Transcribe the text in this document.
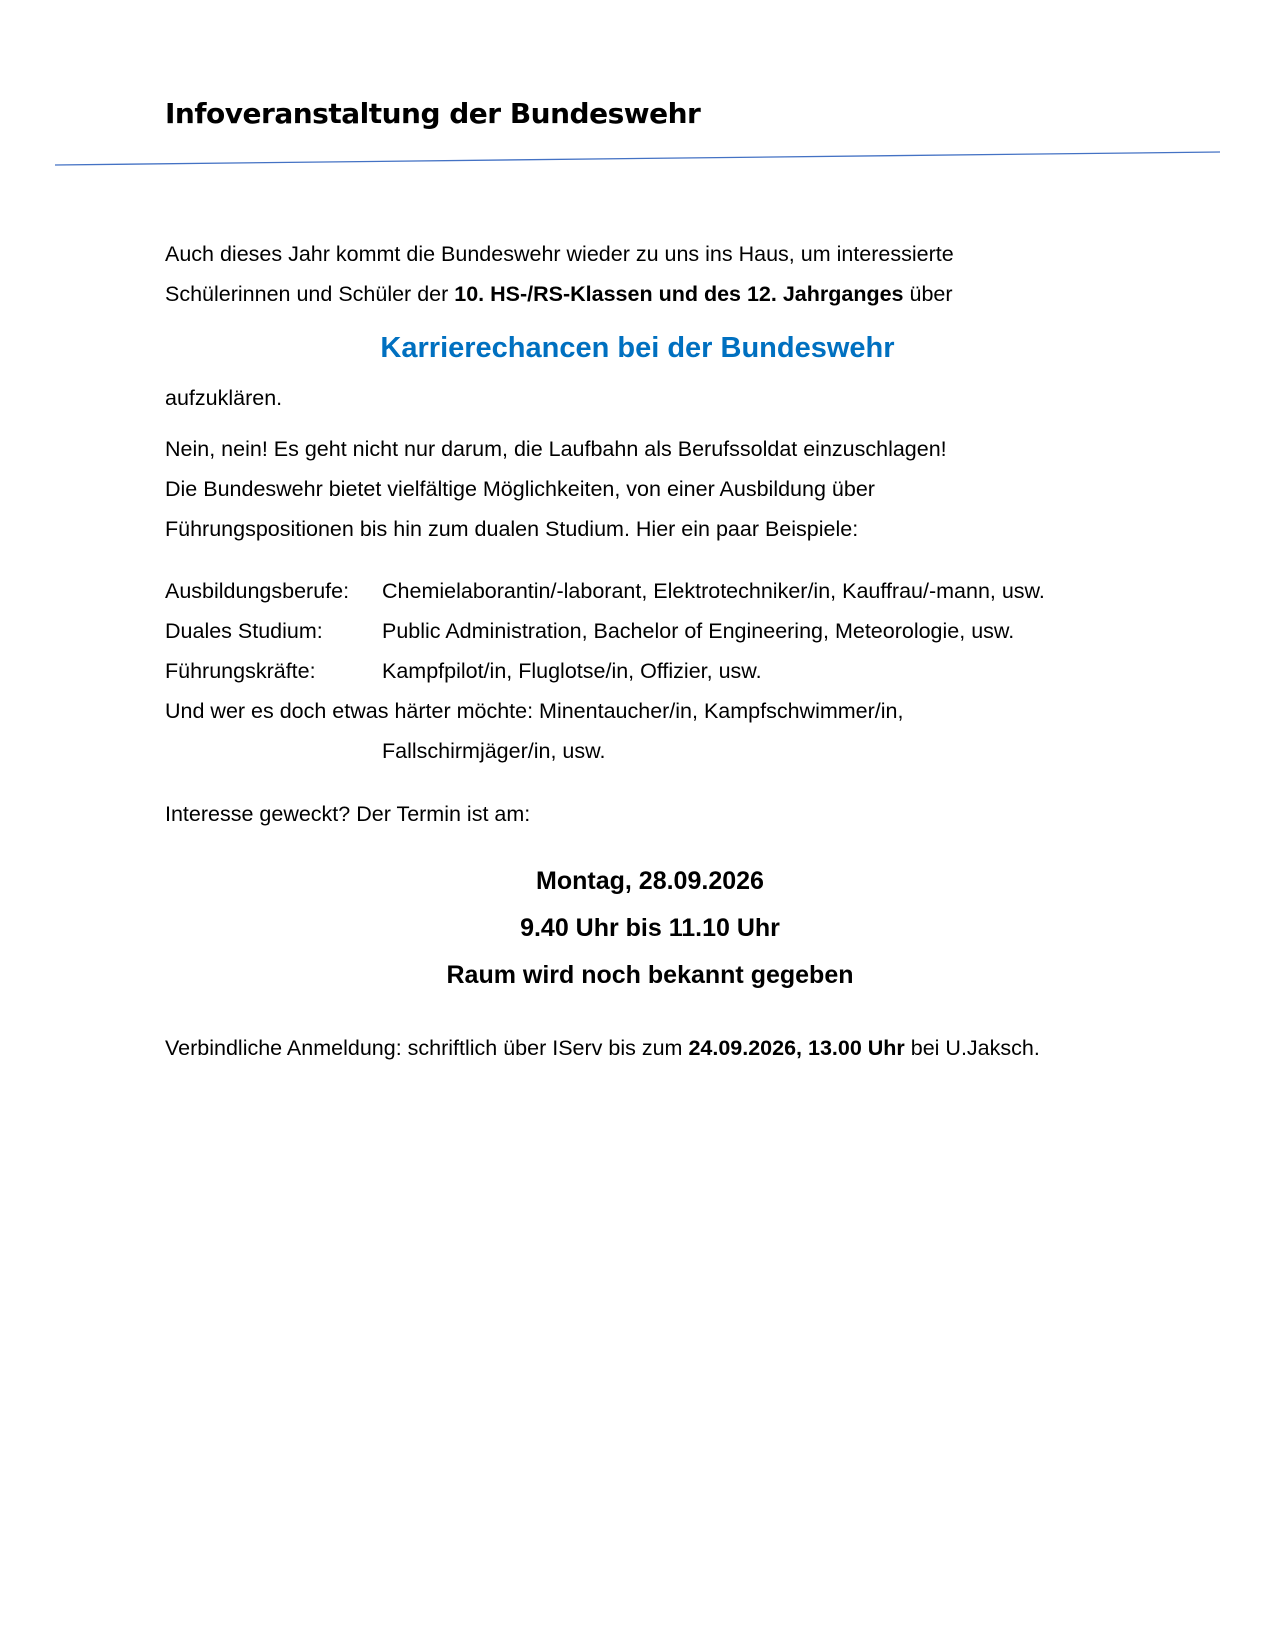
Infoveranstaltung der Bundeswehr

Auch dieses Jahr kommt die Bundeswehr wieder zu uns ins Haus, um interessierte

Schülerinnen und Schüler der 10. HS-/RS-Klassen und des 12. Jahrganges über

Karrierechancen bei der Bundeswehr

aufzuklären.

Nein, nein! Es geht nicht nur darum, die Laufbahn als Berufssoldat einzuschlagen!

Die Bundeswehr bietet vielfältige Möglichkeiten, von einer Ausbildung über

Führungspositionen bis hin zum dualen Studium. Hier ein paar Beispiele:

Ausbildungsberufe: Chemielaborantin/-laborant, Elektrotechniker/in, Kauffrau/-mann, usw.
Duales Studium:	Public Administration, Bachelor of Engineering, Meteorologie, usw.
Führungskräfte:	Kampfpilot/in, Fluglotse/in, Offizier, usw.

Und wer es doch etwas härter möchte: Minentaucher/in, Kampfschwimmer/in,

Fallschirmjäger/in, usw.

Interesse geweckt? Der Termin ist am:

Montag, 28.09.2026

9.40 Uhr bis 11.10 Uhr

Raum wird noch bekannt gegeben

Verbindliche Anmeldung: schriftlich über IServ bis zum 24.09.2026, 13.00 Uhr bei U.Jaksch.
